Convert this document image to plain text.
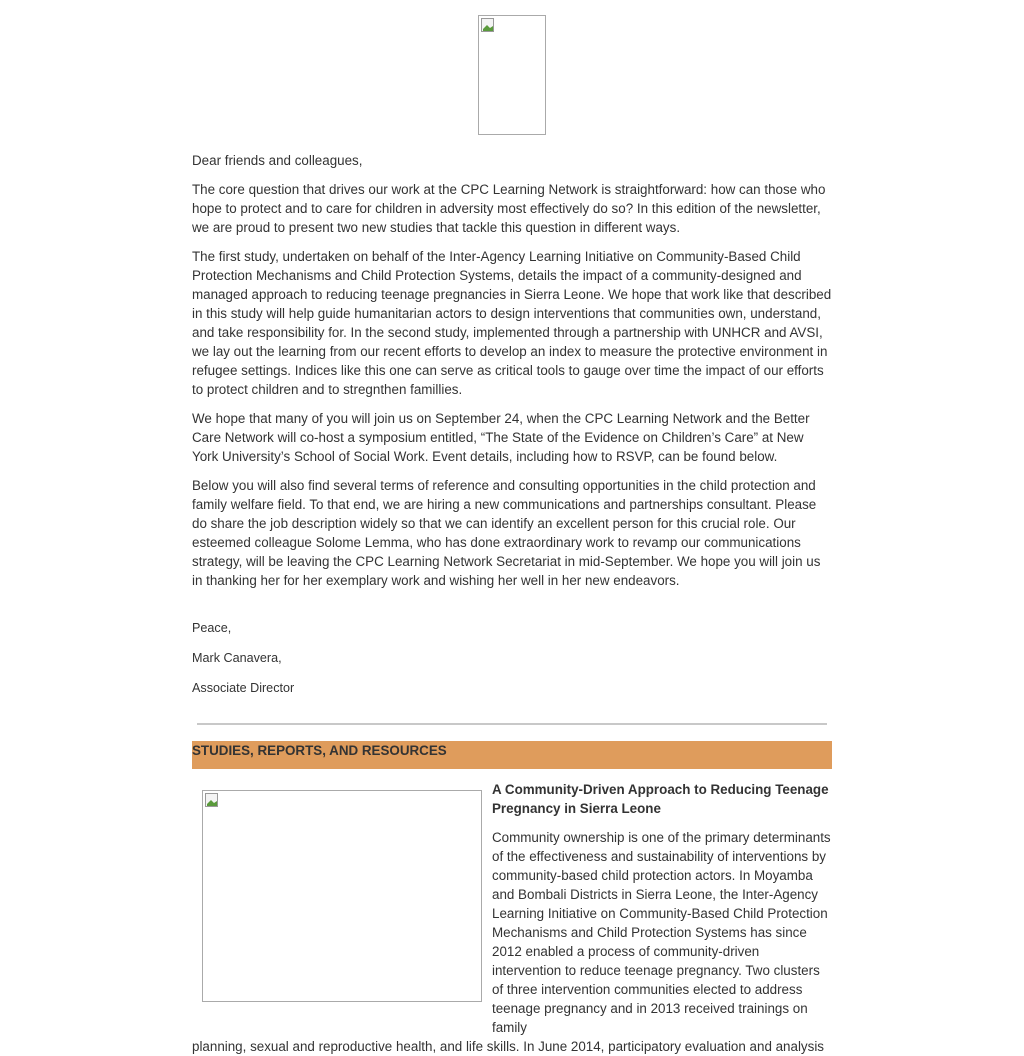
Dear friends and colleagues,

The core question that drives our work at the CPC Learning Network is straightforward: how can those who hope to protect and to care for children in adversity most effectively do so? In this edition of the newsletter, we are proud to present two new studies that tackle this question in different ways.

The first study, undertaken on behalf of the Inter-Agency Learning Initiative on Community-Based Child Protection Mechanisms and Child Protection Systems, details the impact of a community-designed and managed approach to reducing teenage pregnancies in Sierra Leone. We hope that work like that described in this study will help guide humanitarian actors to design interventions that communities own, understand, and take responsibility for. In the second study, implemented through a partnership with UNHCR and AVSI, we lay out the learning from our recent efforts to develop an index to measure the protective environment in refugee settings. Indices like this one can serve as critical tools to gauge over time the impact of our efforts to protect children and to stregnthen famillies.

We hope that many of you will join us on September 24, when the CPC Learning Network and the Better Care Network will co-host a symposium entitled, “The State of the Evidence on Children’s Care” at New York University’s School of Social Work. Event details, including how to RSVP, can be found below.

Below you will also find several terms of reference and consulting opportunities in the child protection and family welfare field. To that end, we are hiring a new communications and partnerships consultant. Please do share the job description widely so that we can identify an excellent person for this crucial role. Our esteemed colleague Solome Lemma, who has done extraordinary work to revamp our communications strategy, will be leaving the CPC Learning Network Secretariat in mid-September. We hope you will join us in thanking her for her exemplary work and wishing her well in her new endeavors.

Peace,

Mark Canavera,

Associate Director

STUDIES, REPORTS, AND RESOURCES

A Community-Driven Approach to Reducing Teenage Pregnancy in Sierra Leone

Community ownership is one of the primary determinants of the effectiveness and sustainability of interventions by community-based child protection actors. In Moyamba and Bombali Districts in Sierra Leone, the Inter-Agency Learning Initiative on Community-Based Child Protection Mechanisms and Child Protection Systems has since 2012 enabled a process of community-driven intervention to reduce teenage pregnancy. Two clusters of three intervention communities elected to address teenage pregnancy and in 2013 received trainings on family

planning, sexual and reproductive health, and life skills. In June 2014, participatory evaluation and analysis
